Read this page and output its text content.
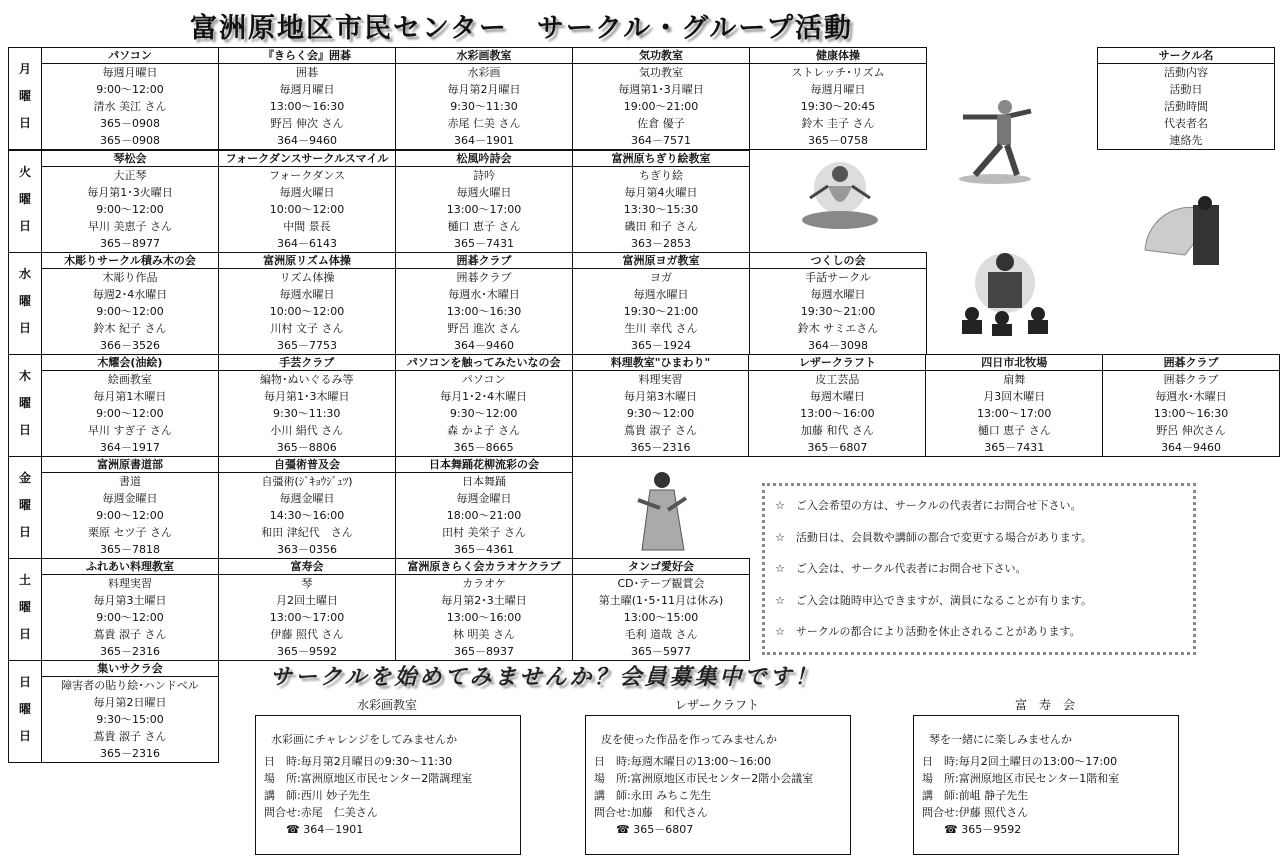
富洲原地区市民センター　サークル・グループ活動
月
曜
日

パソコン
毎週月曜日
9:00～12:00
清水 美江 さん
365－0908
365－0908

『きらく会』囲碁
囲碁
毎週月曜日
13:00～16:30
野呂 伸次 さん
364－9460

水彩画教室
水彩画
毎月第2月曜日
9:30～11:30
赤尾 仁美 さん
364－1901

気功教室
気功教室
毎週第1･3月曜日
19:00～21:00
佐倉 優子
364－7571

健康体操
ストレッチ･リズム
毎週月曜日
19:30～20:45
鈴木 圭子 さん
365－0758
火
曜
日

琴松会
大正琴
毎月第1･3火曜日
9:00～12:00
早川 美恵子 さん
365－8977

フォークダンスサークルスマイル
フォークダンス
毎週火曜日
10:00～12:00
中間 景長
364－6143

松風吟詩会
詩吟
毎週火曜日
13:00～17:00
樋口 恵子 さん
365－7431

富洲原ちぎり絵教室
ちぎり絵
毎月第4火曜日
13:30～15:30
磯田 和子 さん
363－2853
水
曜
日

木彫りサークル積み木の会
木彫り作品
毎週2･4水曜日
9:00～12:00
鈴木 紀子 さん
366－3526

富洲原リズム体操
リズム体操
毎週水曜日
10:00～12:00
川村 文子 さん
365－7753

囲碁クラブ
囲碁クラブ
毎週水･木曜日
13:00～16:30
野呂 進次 さん
364－9460

富洲原ヨガ教室
ヨガ
毎週水曜日
19:30～21:00
生川 幸代 さん
365－1924

つくしの会
手話サークル
毎週水曜日
19:30～21:00
鈴木 サミエさん
364－3098
木
曜
日

木耀会(油絵)
絵画教室
毎月第1木曜日
9:00～12:00
早川 すぎ子 さん
364－1917

手芸クラブ
編物･ぬいぐるみ等
毎月第1･3木曜日
9:30～11:30
小川 絹代 さん
365－8806

パソコンを触ってみたいなの会
パソコン
毎月1･2･4木曜日
9:30～12:00
森 かよ子 さん
365－8665

料理教室"ひまわり"
料理実習
毎月第3木曜日
9:30～12:00
蔦貴 淑子 さん
365－2316

レザークラフト
皮工芸品
毎週木曜日
13:00～16:00
加藤 和代 さん
365－6807

四日市北牧場
扇舞
月3回木曜日
13:00～17:00
樋口 恵子 さん
365－7431

囲碁クラブ
囲碁クラブ
毎週水･木曜日
13:00～16:30
野呂 伸次さん
364－9460
金
曜
日

富洲原書道部
書道
毎週金曜日
9:00～12:00
栗原 セツ子 さん
365－7818

自彊術普及会
自彊術(ｼﾞｷｮｳｼﾞｭﾂ)
毎週金曜日
14:30～16:00
和田 津紀代　さん
363－0356

日本舞踊花柳流彩の会
日本舞踊
毎週金曜日
18:00～21:00
田村 美栄子 さん
365－4361
土
曜
日

ふれあい料理教室
料理実習
毎月第3土曜日
9:00～12:00
蔦貴 淑子 さん
365－2316

富寿会
琴
月2回土曜日
13:00～17:00
伊藤 照代 さん
365－9592

富洲原きらく会カラオケクラブ
カラオケ
毎月第2･3土曜日
13:00～16:00
林 明美 さん
365－8937

タンゴ愛好会
CD･テープ観賞会
第土曜(1･5･11月は休み)
13:00～15:00
毛利 道哉 さん
365－5977
日
曜
日

集いサクラ会
障害者の貼り絵･ハンドベル
毎月第2日曜日
9:30～15:00
蔦貴 淑子 さん
365－2316
サークル名
活動内容
活動日
活動時間
代表者名
連絡先
☆　ご入会希望の方は、サークルの代表者にお問合せ下さい。
☆　活動日は、会員数や講師の都合で変更する場合があります。
☆　ご入会は、サークル代表者にお問合せ下さい。
☆　ご入会は随時申込できますが、満員になることが有ります。
☆　サークルの都合により活動を休止されることがあります。
サークルを始めてみませんか？会員募集中です！
水彩画教室
水彩画にチャレンジをしてみませんか
日　時:毎月第2月曜日の9:30～11:30
場　所:富洲原地区市民センター2階調理室
講　師:西川 妙子先生
問合せ:赤尾　仁美さん
☎ 364－1901
レザークラフト
皮を使った作品を作ってみませんか
日　時:毎週木曜日の13:00～16:00
場　所:富洲原地区市民センター2階小会議室
講　師:永田 みちこ先生
問合せ:加藤　和代さん
☎ 365－6807
富　寿　会
琴を一緒にに楽しみませんか
日　時:毎月2回土曜日の13:00～17:00
場　所:富洲原地区市民センター1階和室
講　師:前岨 静子先生
問合せ:伊藤 照代さん
☎ 365－9592
